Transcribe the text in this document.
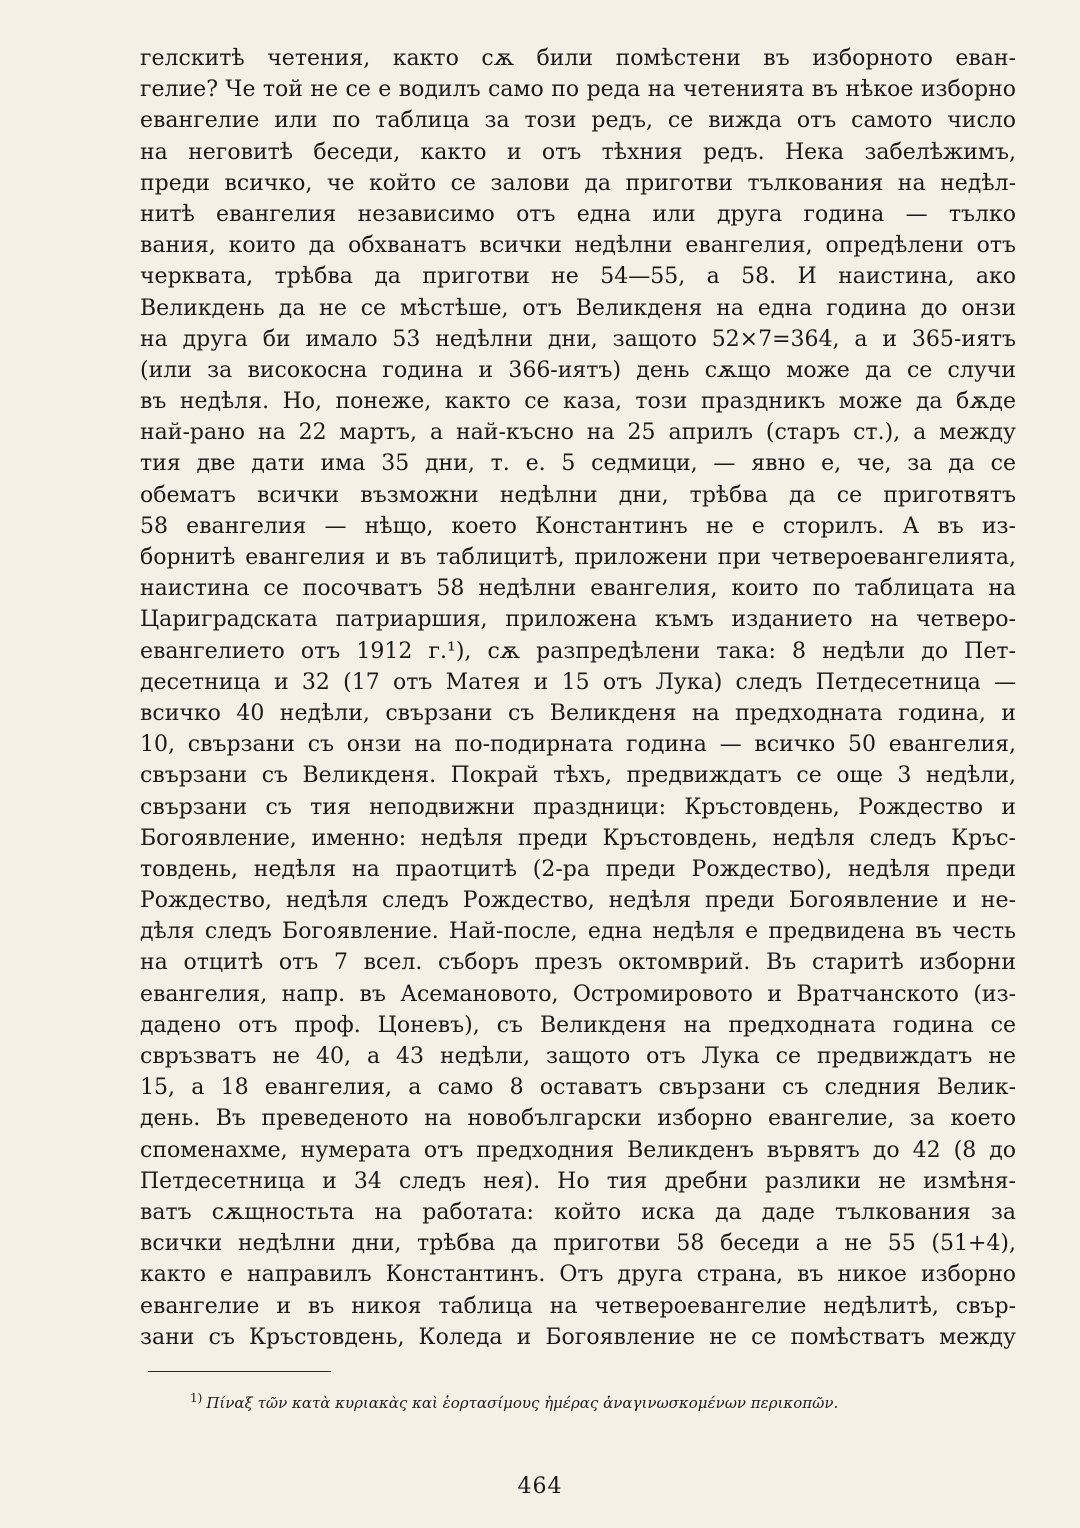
гелскитѣ четения, както сѫ били помѣстени въ изборното еван-
гелие? Че той не се е водилъ само по реда на четенията въ нѣкое изборно
евангелие или по таблица за този редъ, се вижда отъ самото число
на неговитѣ беседи, както и отъ тѣхния редъ. Нека забелѣжимъ,
преди всичко, че който се залови да приготви тълкования на недѣл-
нитѣ евангелия независимо отъ една или друга година — тълко
вания, които да обхванатъ всички недѣлни евангелия, опредѣлени отъ
черквата, трѣбва да приготви не 54—55, а 58. И наистина, ако
Великдень да не се мѣстѣше, отъ Великденя на една година до онзи
на друга би имало 53 недѣлни дни, защото 52×7=364, а и 365-иятъ
(или за високосна година и 366-иятъ) день сѫщо може да се случи
въ недѣля. Но, понеже, както се каза, този праздникъ може да бѫде
най-рано на 22 мартъ, а най-късно на 25 априлъ (старъ ст.), а между
тия две дати има 35 дни, т. е. 5 седмици, — явно е, че, за да се
обематъ всички възможни недѣлни дни, трѣбва да се приготвятъ
58 евангелия — нѣщо, което Константинъ не е сторилъ. А въ из-
борнитѣ евангелия и въ таблицитѣ, приложени при четвероевангелията,
наистина се посочватъ 58 недѣлни евангелия, които по таблицата на
Цариградската патриаршия, приложена къмъ изданието на четверо-
евангелието отъ 1912 г.¹), сѫ разпредѣлени така: 8 недѣли до Пет-
десетница и 32 (17 отъ Матея и 15 отъ Лука) следъ Петдесетница —
всичко 40 недѣли, свързани съ Великденя на предходната година, и
10, свързани съ онзи на по-подирната година — всичко 50 евангелия,
свързани съ Великденя. Покрай тѣхъ, предвиждатъ се още 3 недѣли,
свързани съ тия неподвижни праздници: Кръстовдень, Рождество и
Богоявление, именно: недѣля преди Кръстовдень, недѣля следъ Кръс-
товдень, недѣля на праотцитѣ (2-ра преди Рождество), недѣля преди
Рождество, недѣля следъ Рождество, недѣля преди Богоявление и не-
дѣля следъ Богоявление. Най-после, една недѣля е предвидена въ честь
на отцитѣ отъ 7 всел. съборъ презъ октомврий. Въ старитѣ изборни
евангелия, напр. въ Асемановото, Остромировото и Вратчанското (из-
дадено отъ проф. Цоневъ), съ Великденя на предходната година се
свръзватъ не 40, а 43 недѣли, защото отъ Лука се предвиждатъ не
15, а 18 евангелия, а само 8 оставатъ свързани съ следния Велик-
день. Въ преведеното на новобългарски изборно евангелие, за което
споменахме, нумерата отъ предходния Великденъ вървятъ до 42 (8 до
Петдесетница и 34 следъ нея). Но тия дребни разлики не измѣня-
ватъ сѫщностьта на работата: който иска да даде тълкования за
всички недѣлни дни, трѣбва да приготви 58 беседи а не 55 (51+4),
както е направилъ Константинъ. Отъ друга страна, въ никое изборно
евангелие и въ никоя таблица на четвероевангелие недѣлитѣ, свър-
зани съ Кръстовдень, Коледа и Богоявление не се помѣстватъ между
$^{1)}$ Πίναξ τῶν κατὰ κυριακὰς καὶ ἑορτασίμους ἡμέρας ἀναγινωσκομένων περικοπῶν.
464
